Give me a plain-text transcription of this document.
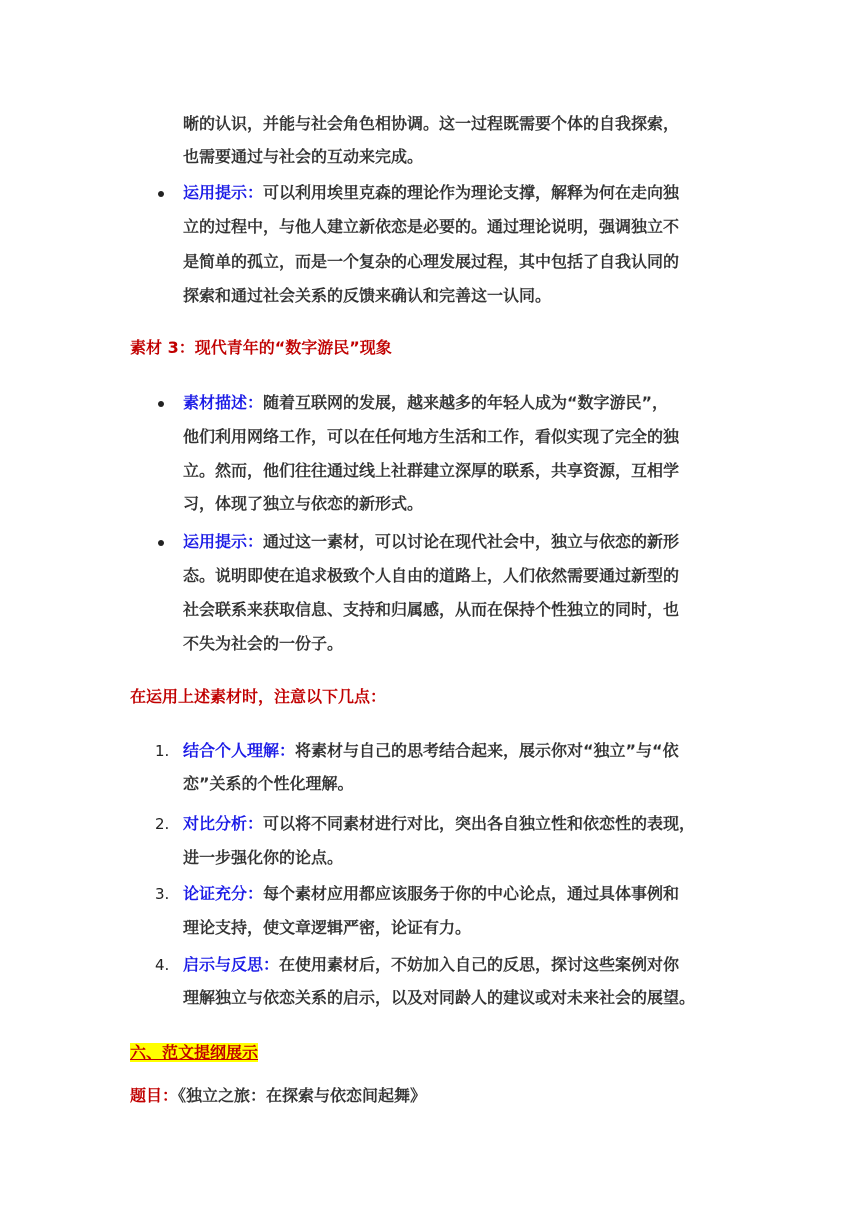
晰的认识，并能与社会角色相协调。这一过程既需要个体的自我探索，
也需要通过与社会的互动来完成。
运用提示：可以利用埃里克森的理论作为理论支撑，解释为何在走向独
立的过程中，与他人建立新依恋是必要的。通过理论说明，强调独立不
是简单的孤立，而是一个复杂的心理发展过程，其中包括了自我认同的
探索和通过社会关系的反馈来确认和完善这一认同。
素材 3：现代青年的“数字游民”现象
素材描述：随着互联网的发展，越来越多的年轻人成为“数字游民”，
他们利用网络工作，可以在任何地方生活和工作，看似实现了完全的独
立。然而，他们往往通过线上社群建立深厚的联系，共享资源，互相学
习，体现了独立与依恋的新形式。
运用提示：通过这一素材，可以讨论在现代社会中，独立与依恋的新形
态。说明即使在追求极致个人自由的道路上，人们依然需要通过新型的
社会联系来获取信息、支持和归属感，从而在保持个性独立的同时，也
不失为社会的一份子。
在运用上述素材时，注意以下几点：
1. 结合个人理解：将素材与自己的思考结合起来，展示你对“独立”与“依
恋”关系的个性化理解。
2. 对比分析：可以将不同素材进行对比，突出各自独立性和依恋性的表现，
进一步强化你的论点。
3. 论证充分：每个素材应用都应该服务于你的中心论点，通过具体事例和
理论支持，使文章逻辑严密，论证有力。
4. 启示与反思：在使用素材后，不妨加入自己的反思，探讨这些案例对你
理解独立与依恋关系的启示，以及对同龄人的建议或对未来社会的展望。
六、范文提纲展示
题目：《独立之旅：在探索与依恋间起舞》
